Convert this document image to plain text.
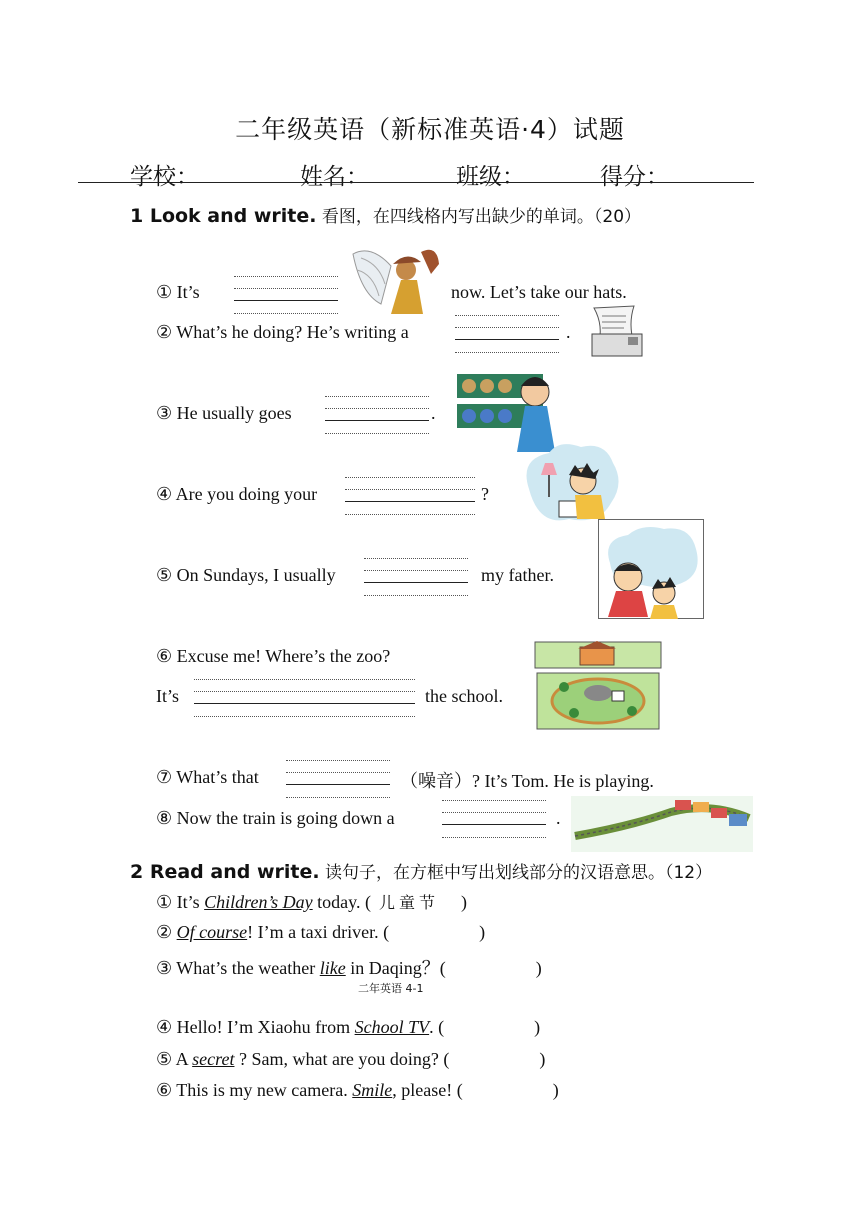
二年级英语（新标准英语·4）试题
学校：	姓名：	班级：	得分：
1 Look and write. 看图，在四线格内写出缺少的单词。（20）
① It’s	now. Let’s take our hats.
② What’s he doing? He’s writing a	.
③ He usually goes	.
④ Are you doing your	?
⑤ On Sundays, I usually	my father.
⑥ Excuse me! Where’s the zoo?
It’s	the school.
⑦ What’s that	（噪音）? It’s Tom. He is playing.
⑧ Now the train is going down a	.
2 Read and write. 读句子，在方框中写出划线部分的汉语意思。（12）
① It’s Children’s Day today. ( 儿童节 )
② Of course! I’m a taxi driver. (	)
③ What’s the weather like in Daqing？(	)
二年英语 4-1
④ Hello! I’m Xiaohu from School TV. (	)
⑤ A secret ? Sam, what are you doing? (	)
⑥ This is my new camera. Smile, please! (	)
